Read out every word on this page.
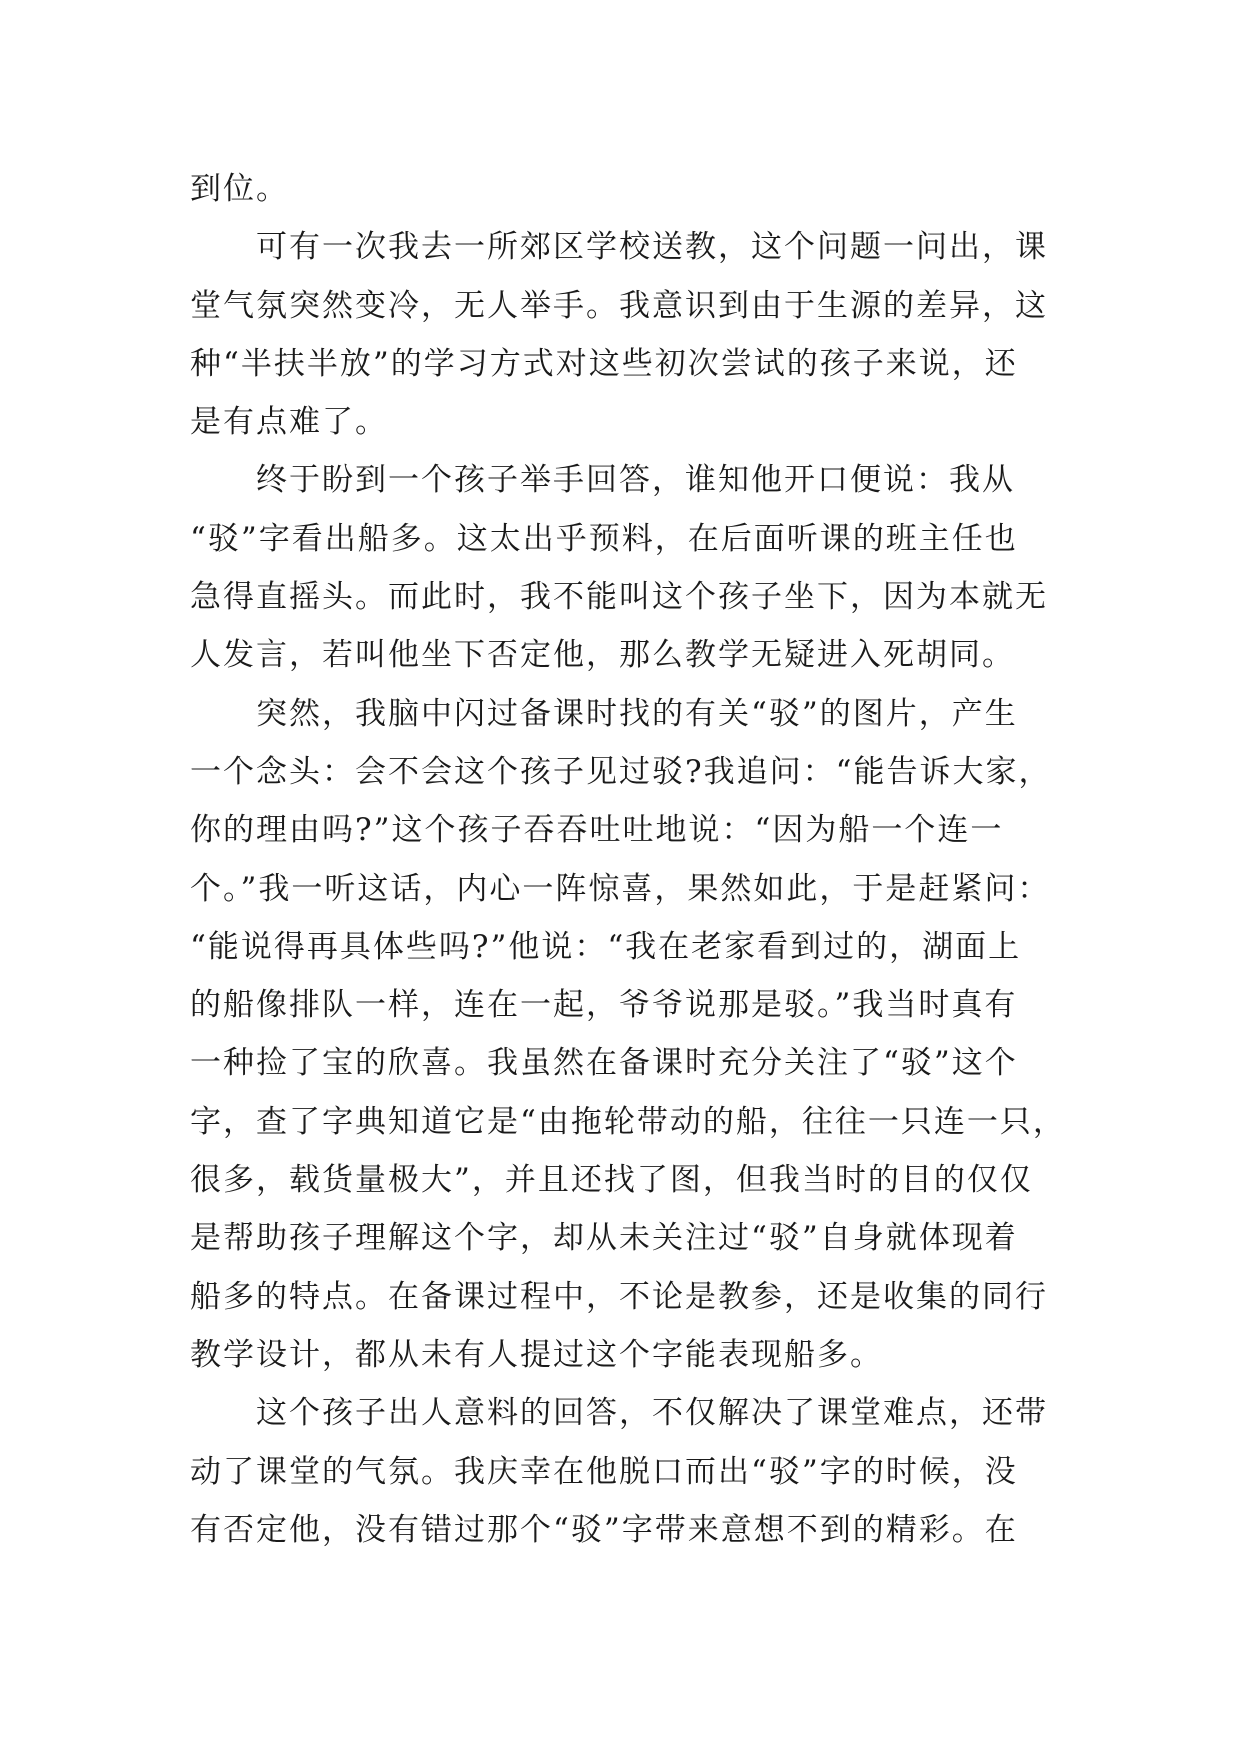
到位。
可有一次我去一所郊区学校送教，这个问题一问出，课
堂气氛突然变冷，无人举手。我意识到由于生源的差异，这
种“半扶半放”的学习方式对这些初次尝试的孩子来说，还
是有点难了。
终于盼到一个孩子举手回答，谁知他开口便说：我从
“驳”字看出船多。这太出乎预料，在后面听课的班主任也
急得直摇头。而此时，我不能叫这个孩子坐下，因为本就无
人发言，若叫他坐下否定他，那么教学无疑进入死胡同。
突然，我脑中闪过备课时找的有关“驳”的图片，产生
一个念头：会不会这个孩子见过驳?我追问：“能告诉大家，
你的理由吗?”这个孩子吞吞吐吐地说：“因为船一个连一
个。”我一听这话，内心一阵惊喜，果然如此，于是赶紧问：
“能说得再具体些吗?”他说：“我在老家看到过的，湖面上
的船像排队一样，连在一起，爷爷说那是驳。”我当时真有
一种捡了宝的欣喜。我虽然在备课时充分关注了“驳”这个
字，查了字典知道它是“由拖轮带动的船，往往一只连一只，
很多，载货量极大”，并且还找了图，但我当时的目的仅仅
是帮助孩子理解这个字，却从未关注过“驳”自身就体现着
船多的特点。在备课过程中，不论是教参，还是收集的同行
教学设计，都从未有人提过这个字能表现船多。
这个孩子出人意料的回答，不仅解决了课堂难点，还带
动了课堂的气氛。我庆幸在他脱口而出“驳”字的时候，没
有否定他，没有错过那个“驳”字带来意想不到的精彩。在
